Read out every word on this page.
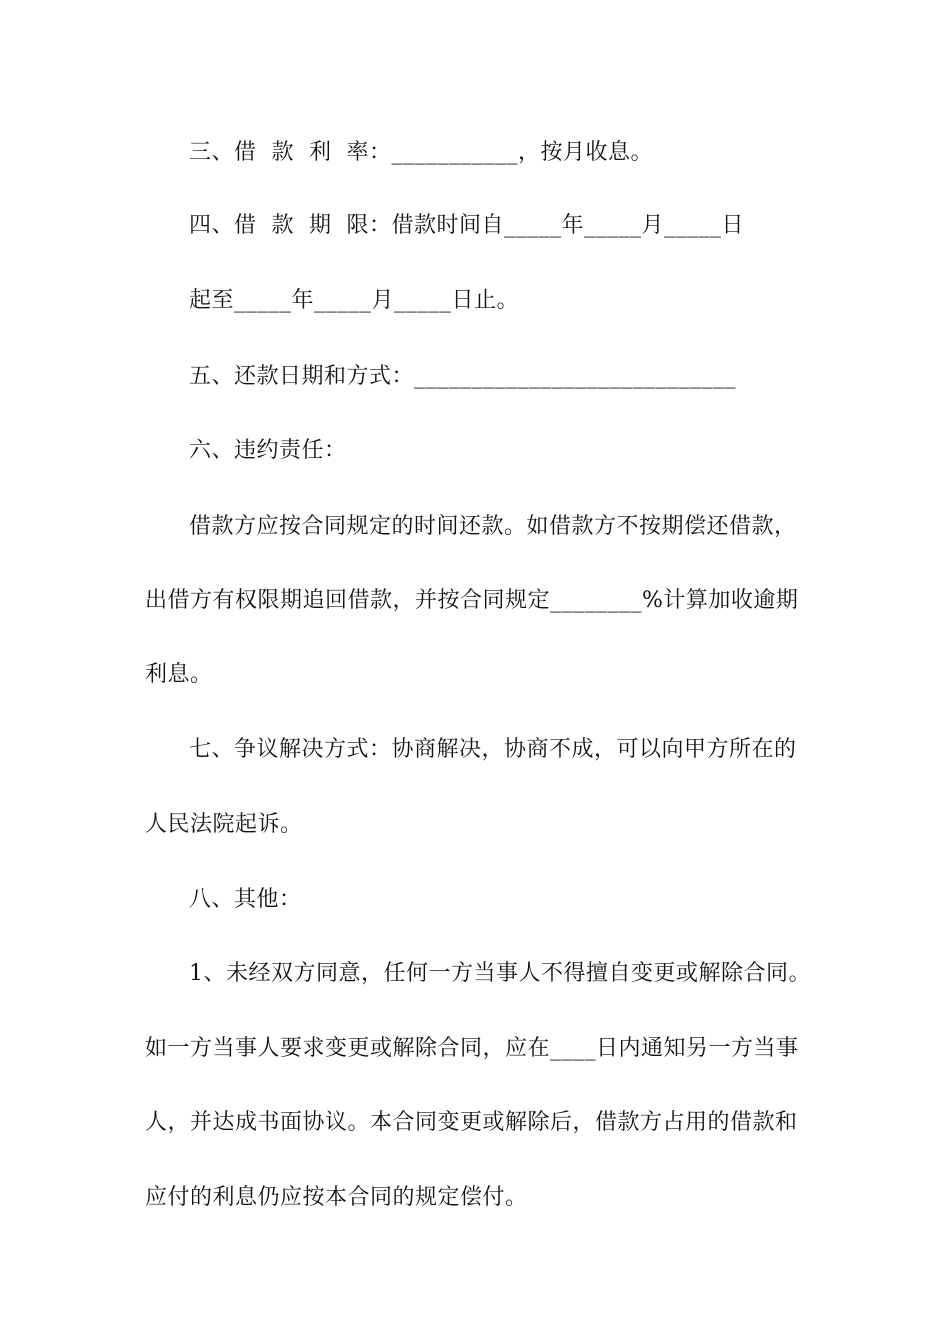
三、借  款  利  率：___________，按月收息。
四、借  款  期  限：借款时间自_____年_____月_____日
起至_____年_____月_____日止。
五、还款日期和方式：____________________________
六、违约责任：
借款方应按合同规定的时间还款。如借款方不按期偿还借款，
出借方有权限期追回借款，并按合同规定________%计算加收逾期
利息。
七、争议解决方式：协商解决，协商不成，可以向甲方所在的
人民法院起诉。
八、其他：
1、未经双方同意，任何一方当事人不得擅自变更或解除合同。
如一方当事人要求变更或解除合同，应在____日内通知另一方当事
人，并达成书面协议。本合同变更或解除后，借款方占用的借款和
应付的利息仍应按本合同的规定偿付。
